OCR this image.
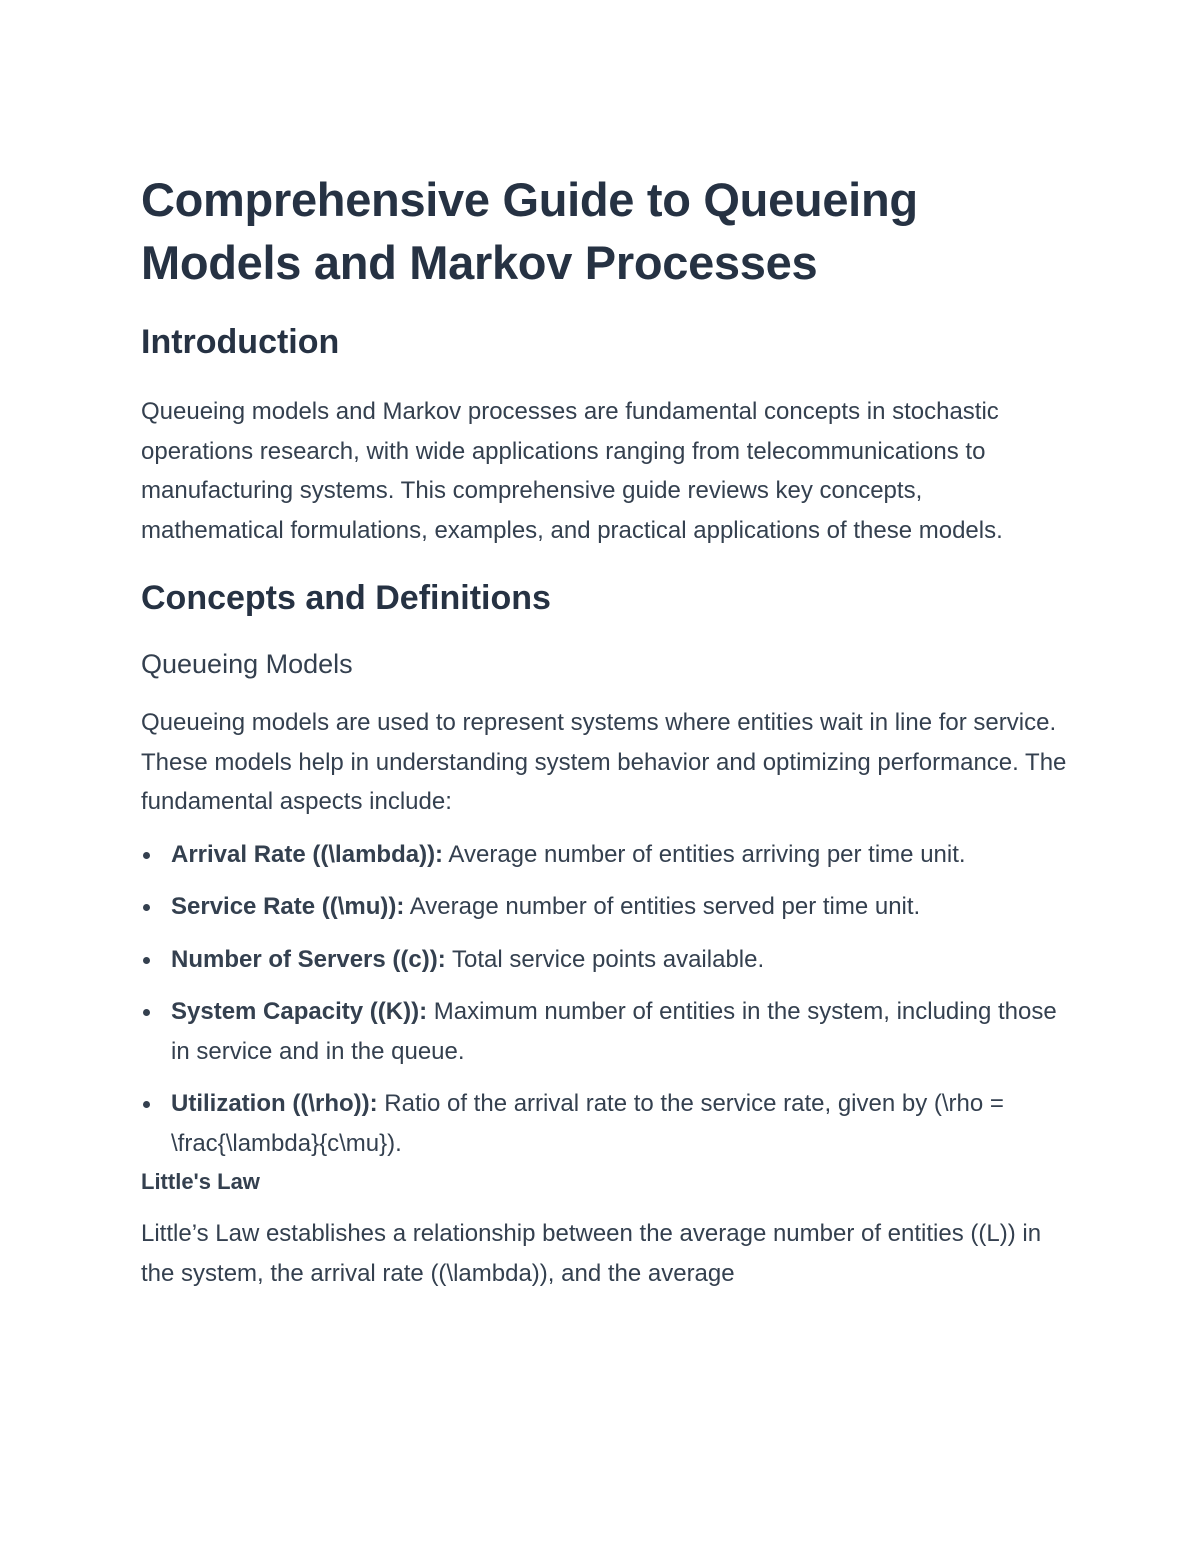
Comprehensive Guide to Queueing Models and Markov Processes
Introduction

Queueing models and Markov processes are fundamental concepts in stochastic operations research, with wide applications ranging from telecommunications to manufacturing systems. This comprehensive guide reviews key concepts, mathematical formulations, examples, and practical applications of these models.

Concepts and Definitions
Queueing Models

Queueing models are used to represent systems where entities wait in line for service. These models help in understanding system behavior and optimizing performance. The fundamental aspects include:

Arrival Rate ((\lambda)): Average number of entities arriving per time unit.
Service Rate ((\mu)): Average number of entities served per time unit.
Number of Servers ((c)): Total service points available.
System Capacity ((K)): Maximum number of entities in the system, including those in service and in the queue.
Utilization ((\rho)): Ratio of the arrival rate to the service rate, given by (\rho = \frac{\lambda}{c\mu}).
Little's Law

Little’s Law establishes a relationship between the average number of entities ((L)) in the system, the arrival rate ((\lambda)), and the average
